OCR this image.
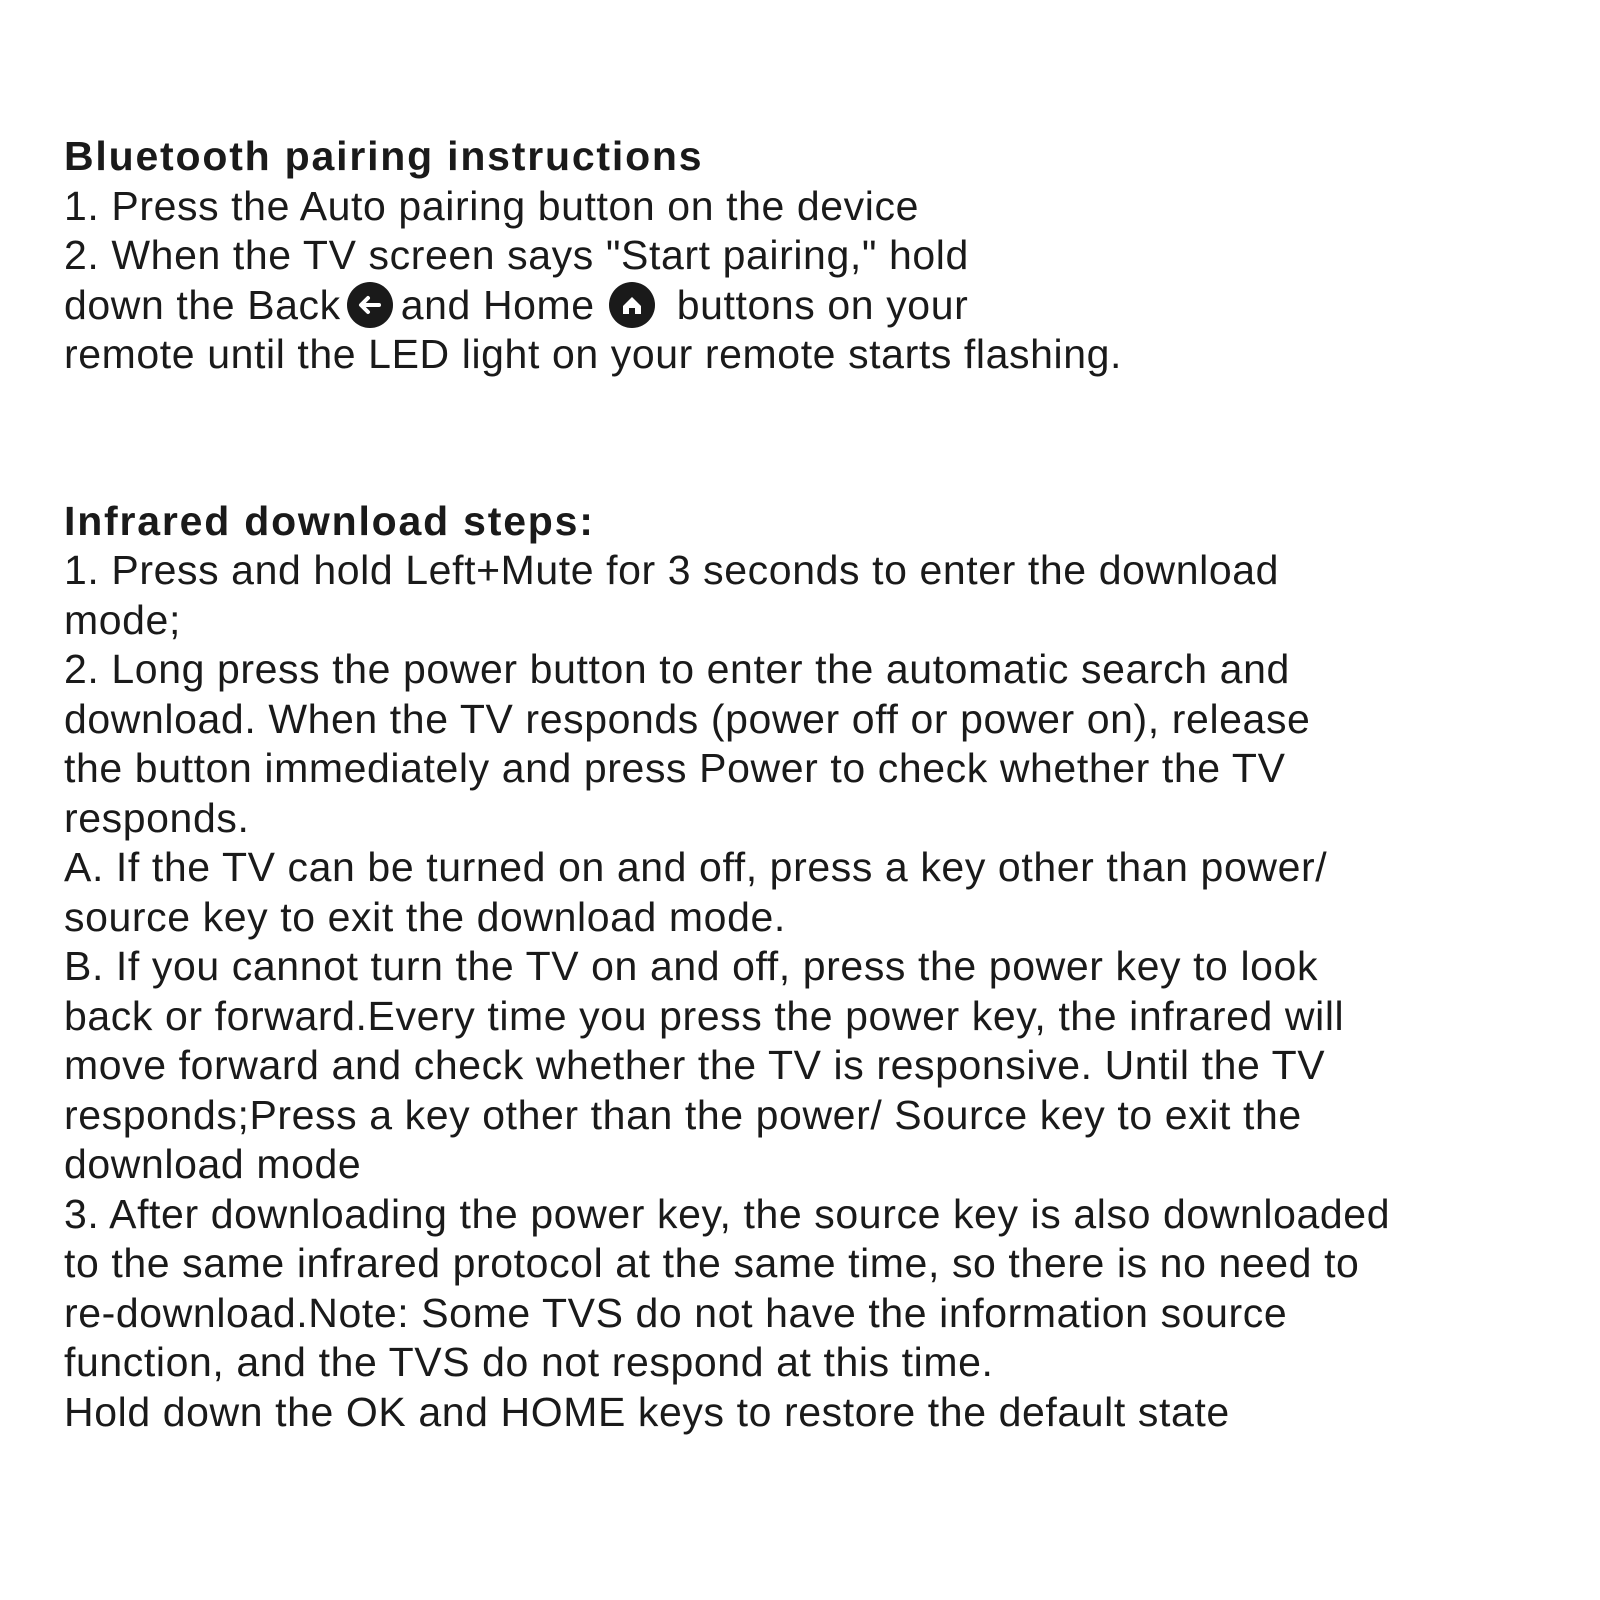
Bluetooth pairing instructions
1. Press the Auto pairing button on the device
2. When the TV screen says "Start pairing," hold
down the Back and Home buttons on your
remote until the LED light on your remote starts flashing.
Infrared download steps:
1. Press and hold Left+Mute for 3 seconds to enter the download
mode;
2. Long press the power button to enter the automatic search and
download. When the TV responds (power off or power on), release
the button immediately and press Power to check whether the TV
responds.
A. If the TV can be turned on and off, press a key other than power/
source key to exit the download mode.
B. If you cannot turn the TV on and off, press the power key to look
back or forward.Every time you press the power key, the infrared will
move forward and check whether the TV is responsive. Until the TV
responds;Press a key other than the power/ Source key to exit the
download mode
3. After downloading the power key, the source key is also downloaded
to the same infrared protocol at the same time, so there is no need to
re-download.Note: Some TVS do not have the information source
function, and the TVS do not respond at this time.
Hold down the OK and HOME keys to restore the default state
